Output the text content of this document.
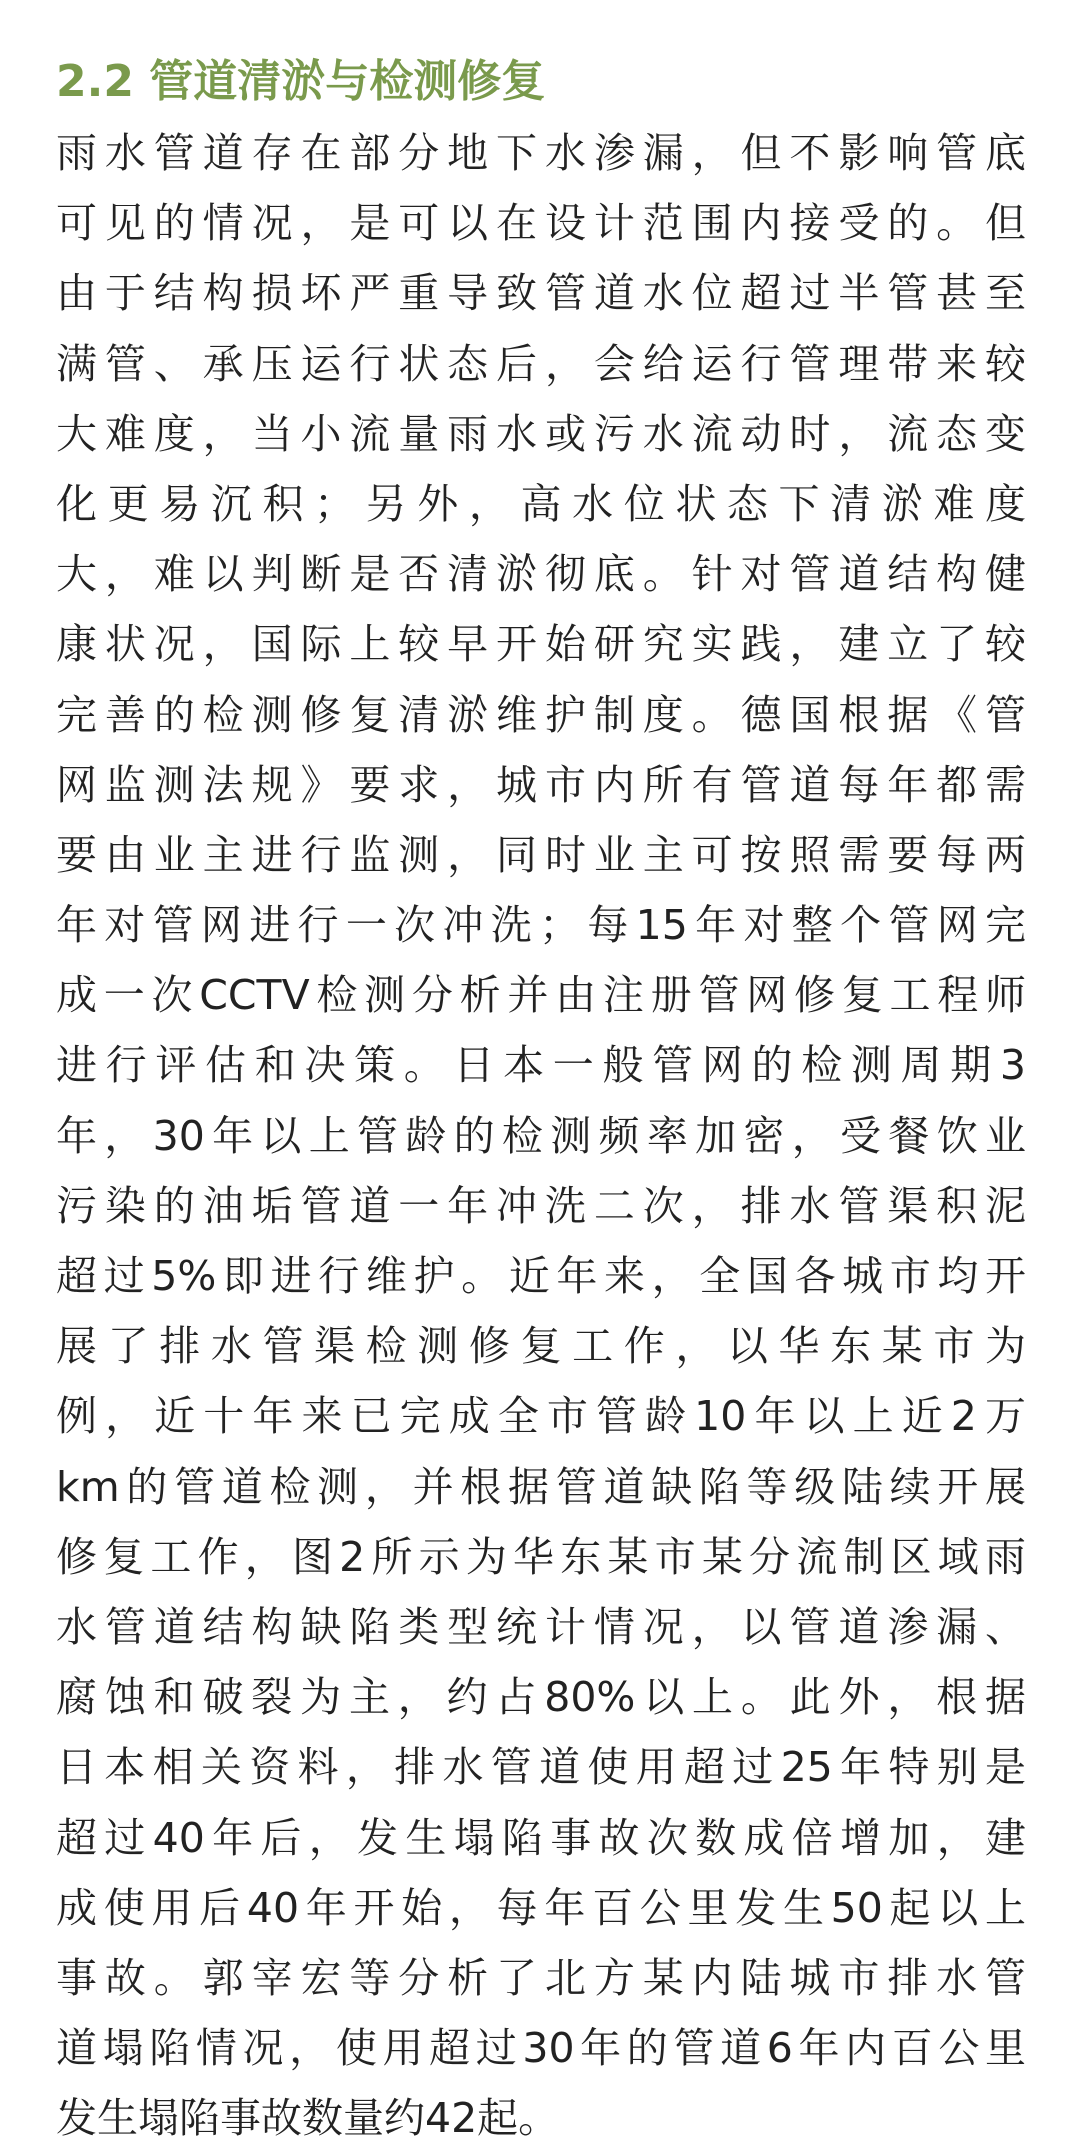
2.2 管道清淤与检测修复
雨水管道存在部分地下水渗漏，但不影响管底
可见的情况，是可以在设计范围内接受的。但
由于结构损坏严重导致管道水位超过半管甚至
满管、承压运行状态后，会给运行管理带来较
大难度，当小流量雨水或污水流动时，流态变
化更易沉积；另外，高水位状态下清淤难度
大，难以判断是否清淤彻底。针对管道结构健
康状况，国际上较早开始研究实践，建立了较
完善的检测修复清淤维护制度。德国根据《管
网监测法规》要求，城市内所有管道每年都需
要由业主进行监测，同时业主可按照需要每两
年对管网进行一次冲洗；每15年对整个管网完
成一次CCTV检测分析并由注册管网修复工程师
进行评估和决策。日本一般管网的检测周期3
年，30年以上管龄的检测频率加密，受餐饮业
污染的油垢管道一年冲洗二次，排水管渠积泥
超过5%即进行维护。近年来，全国各城市均开
展了排水管渠检测修复工作，以华东某市为
例，近十年来已完成全市管龄10年以上近2万
km的管道检测，并根据管道缺陷等级陆续开展
修复工作，图2所示为华东某市某分流制区域雨
水管道结构缺陷类型统计情况，以管道渗漏、
腐蚀和破裂为主，约占80%以上。此外，根据
日本相关资料，排水管道使用超过25年特别是
超过40年后，发生塌陷事故次数成倍增加，建
成使用后40年开始，每年百公里发生50起以上
事故。郭宰宏等分析了北方某内陆城市排水管
道塌陷情况，使用超过30年的管道6年内百公里
发生塌陷事故数量约42起。
